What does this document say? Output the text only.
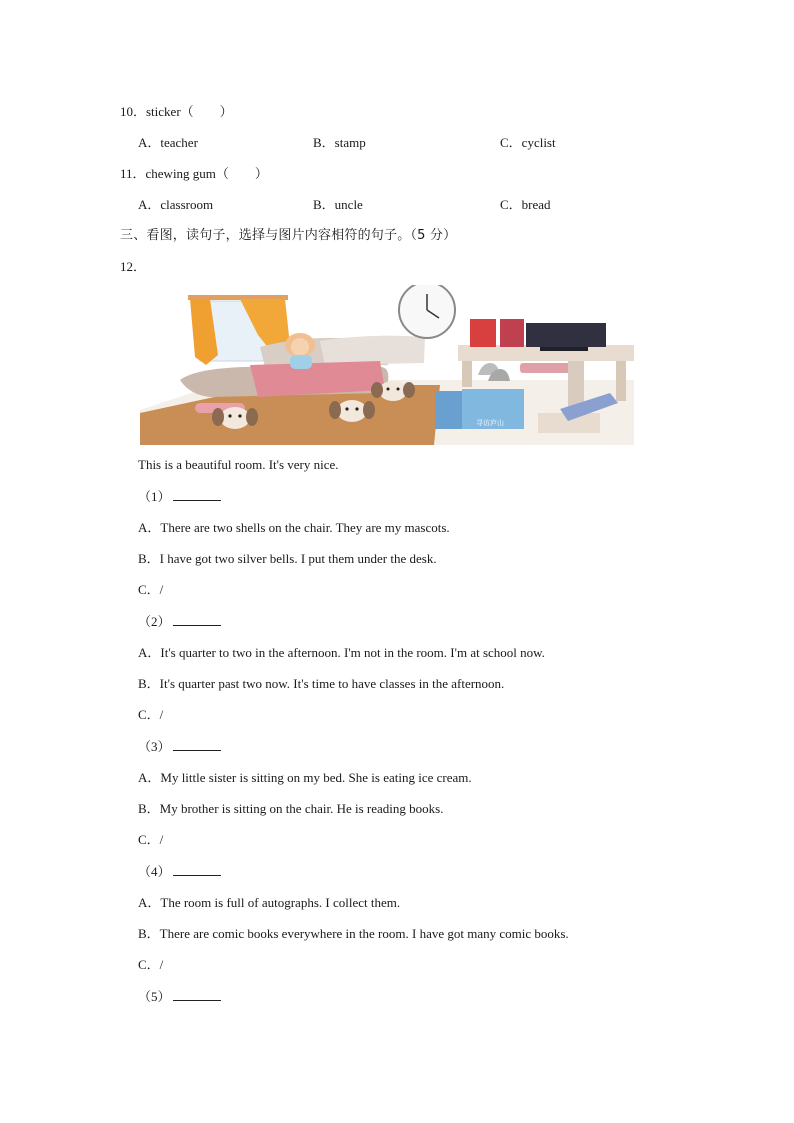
10．sticker（　　）
A．teacher	B．stamp	C．cyclist
11．chewing gum（　　）
A．classroom	B．uncle	C．bread
三、看图，读句子，选择与图片内容相符的句子。（5 分）
12．
寻访庐山
This is a beautiful room. It's very nice.
（1）
A．There are two shells on the chair. They are my mascots.
B．I have got two silver bells. I put them under the desk.
C．/
（2）
A．It's quarter to two in the afternoon. I'm not in the room. I'm at school now.
B．It's quarter past two now. It's time to have classes in the afternoon.
C．/
（3）
A．My little sister is sitting on my bed. She is eating ice cream.
B．My brother is sitting on the chair. He is reading books.
C．/
（4）
A．The room is full of autographs. I collect them.
B．There are comic books everywhere in the room. I have got many comic books.
C．/
（5）
